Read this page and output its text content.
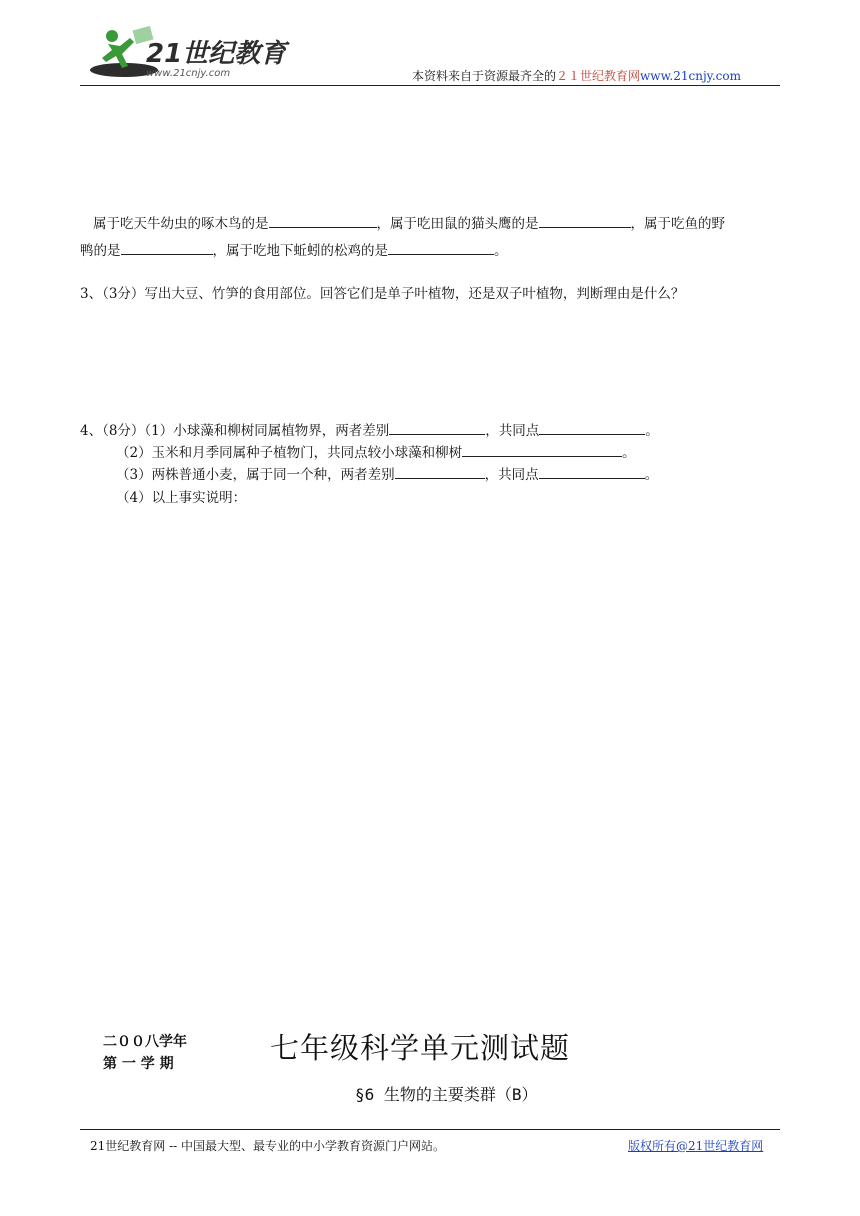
21世纪教育
www.21cnjy.com	本资料来自于资源最齐全的２１世纪教育网www.21cnjy.com
属于吃天牛幼虫的啄木鸟的是	，属于吃田鼠的猫头鹰的是	，属于吃鱼的野
鸭的是	，属于吃地下蚯蚓的松鸡的是	。
3、（3分）写出大豆、竹笋的食用部位。回答它们是单子叶植物，还是双子叶植物，判断理由是什么？
4、（8分）（1）小球藻和柳树同属植物界，两者差别	，共同点	。
（2）玉米和月季同属种子植物门，共同点较小球藻和柳树	。
（3）两株普通小麦，属于同一个种，两者差别	，共同点	。
（4）以上事实说明：
二００八学年
第 一 学 期	七年级科学单元测试题
§6 生物的主要类群（B）
21世纪教育网 -- 中国最大型、最专业的中小学教育资源门户网站。	版权所有@21世纪教育网
